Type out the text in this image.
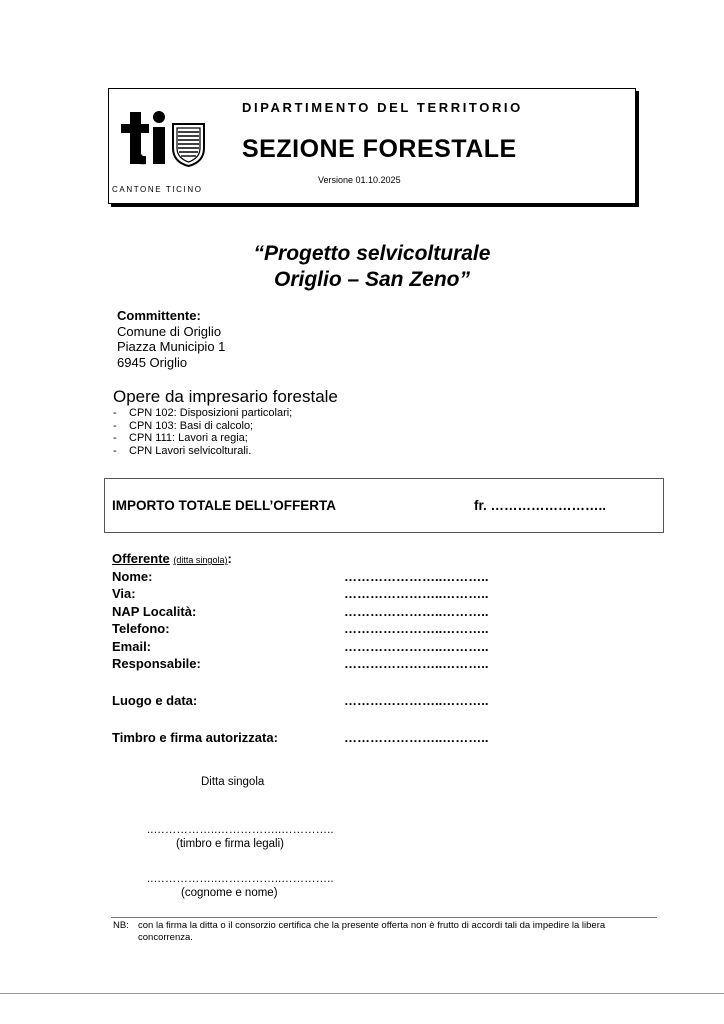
DIPARTIMENTO DEL TERRITORIO
SEZIONE FORESTALE
Versione 01.10.2025
CANTONE TICINO
“Progetto selvicolturale
Origlio – San Zeno”
Committente:
Comune di Origlio
Piazza Municipio 1
6945 Origlio
Opere da impresario forestale
- CPN 102: Disposizioni particolari;
- CPN 103: Basi di calcolo;
- CPN 111: Lavori a regia;
- CPN Lavori selvicolturali.
IMPORTO TOTALE DELL’OFFERTA	fr. ……………………..
Offerente (ditta singola):
Nome:	…………………..………..
Via:	…………………..………..
NAP Località:	…………………..………..
Telefono:	…………………..………..
Email:	…………………..………..
Responsabile:	…………………..………..
Luogo e data:	…………………..………..
Timbro e firma autorizzata:	…………………..………..
Ditta singola
..……………..……………..…………..
(timbro e firma legali)
..……………..……………..…………..
(cognome e nome)
NB: con la firma la ditta o il consorzio certifica che la presente offerta non è frutto di accordi tali da impedire la libera concorrenza.
